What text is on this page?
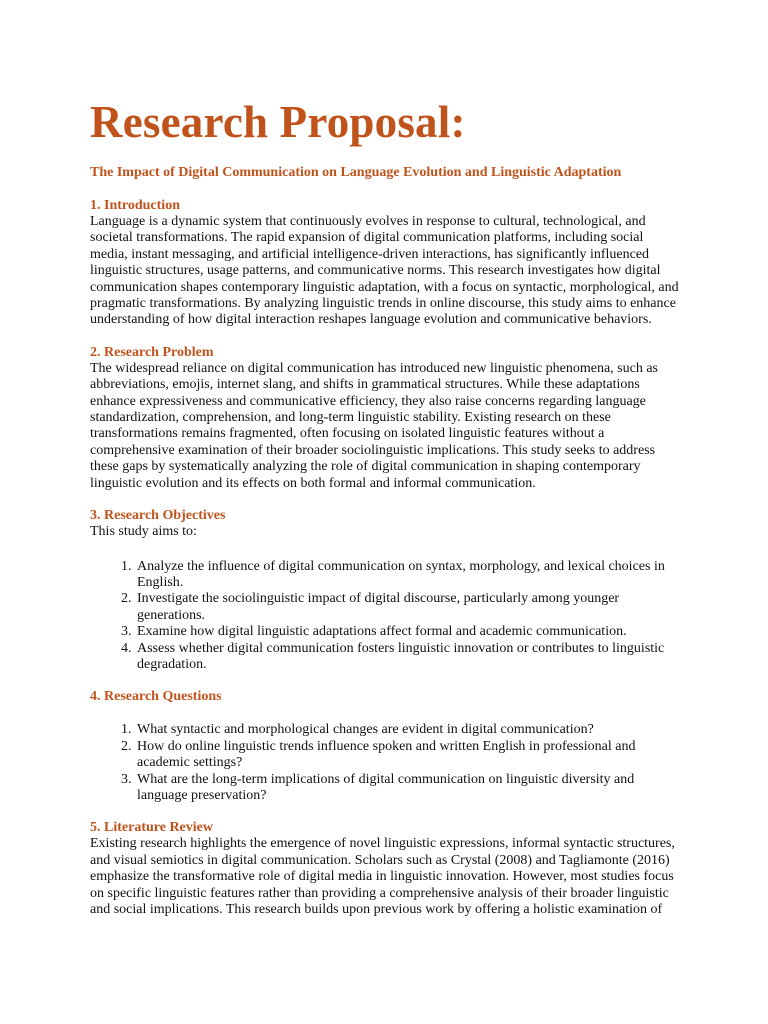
Research Proposal:
The Impact of Digital Communication on Language Evolution and Linguistic Adaptation
1. Introduction

Language is a dynamic system that continuously evolves in response to cultural, technological, and societal transformations. The rapid expansion of digital communication platforms, including social media, instant messaging, and artificial intelligence-driven interactions, has significantly influenced linguistic structures, usage patterns, and communicative norms. This research investigates how digital communication shapes contemporary linguistic adaptation, with a focus on syntactic, morphological, and pragmatic transformations. By analyzing linguistic trends in online discourse, this study aims to enhance understanding of how digital interaction reshapes language evolution and communicative behaviors.

2. Research Problem

The widespread reliance on digital communication has introduced new linguistic phenomena, such as abbreviations, emojis, internet slang, and shifts in grammatical structures. While these adaptations enhance expressiveness and communicative efficiency, they also raise concerns regarding language standardization, comprehension, and long-term linguistic stability. Existing research on these transformations remains fragmented, often focusing on isolated linguistic features without a comprehensive examination of their broader sociolinguistic implications. This study seeks to address these gaps by systematically analyzing the role of digital communication in shaping contemporary linguistic evolution and its effects on both formal and informal communication.

3. Research Objectives

This study aims to:

1. Analyze the influence of digital communication on syntax, morphology, and lexical choices in English.
2. Investigate the sociolinguistic impact of digital discourse, particularly among younger generations.
3. Examine how digital linguistic adaptations affect formal and academic communication.
4. Assess whether digital communication fosters linguistic innovation or contributes to linguistic degradation.
4. Research Questions
1. What syntactic and morphological changes are evident in digital communication?
2. How do online linguistic trends influence spoken and written English in professional and academic settings?
3. What are the long-term implications of digital communication on linguistic diversity and language preservation?
5. Literature Review

Existing research highlights the emergence of novel linguistic expressions, informal syntactic structures, and visual semiotics in digital communication. Scholars such as Crystal (2008) and Tagliamonte (2016) emphasize the transformative role of digital media in linguistic innovation. However, most studies focus on specific linguistic features rather than providing a comprehensive analysis of their broader linguistic and social implications. This research builds upon previous work by offering a holistic examination of
